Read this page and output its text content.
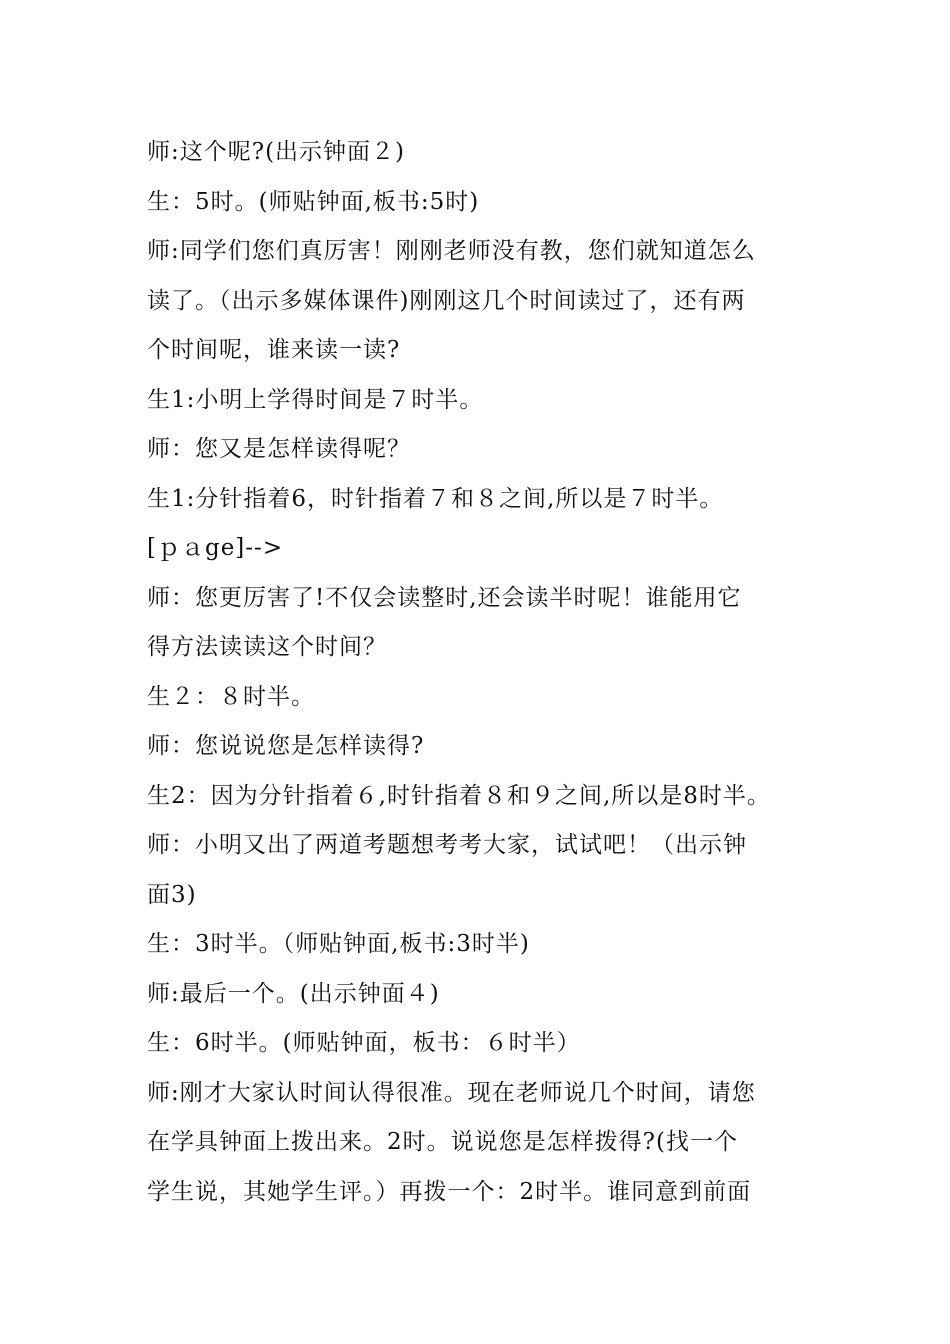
师:这个呢?(出示钟面２)
生：5时。(师贴钟面,板书:5时)
师:同学们您们真厉害！刚刚老师没有教，您们就知道怎么
读了。（出示多媒体课件)刚刚这几个时间读过了，还有两
个时间呢，谁来读一读?
生1:小明上学得时间是７时半。
师：您又是怎样读得呢？
生1:分针指着6，时针指着７和８之间,所以是７时半。
[ｐａge]-->
师：您更厉害了!不仅会读整时,还会读半时呢！谁能用它
得方法读读这个时间？
生２：８时半。
师：您说说您是怎样读得?
生2：因为分针指着６,时针指着８和９之间,所以是8时半。
师：小明又出了两道考题想考考大家，试试吧！（出示钟
面3)
生：3时半。（师贴钟面,板书:3时半)
师:最后一个。(出示钟面４)
生：6时半。(师贴钟面，板书：６时半）
师:刚才大家认时间认得很准。现在老师说几个时间，请您
在学具钟面上拨出来。2时。说说您是怎样拨得?(找一个
学生说，其她学生评。）再拨一个：2时半。谁同意到前面
